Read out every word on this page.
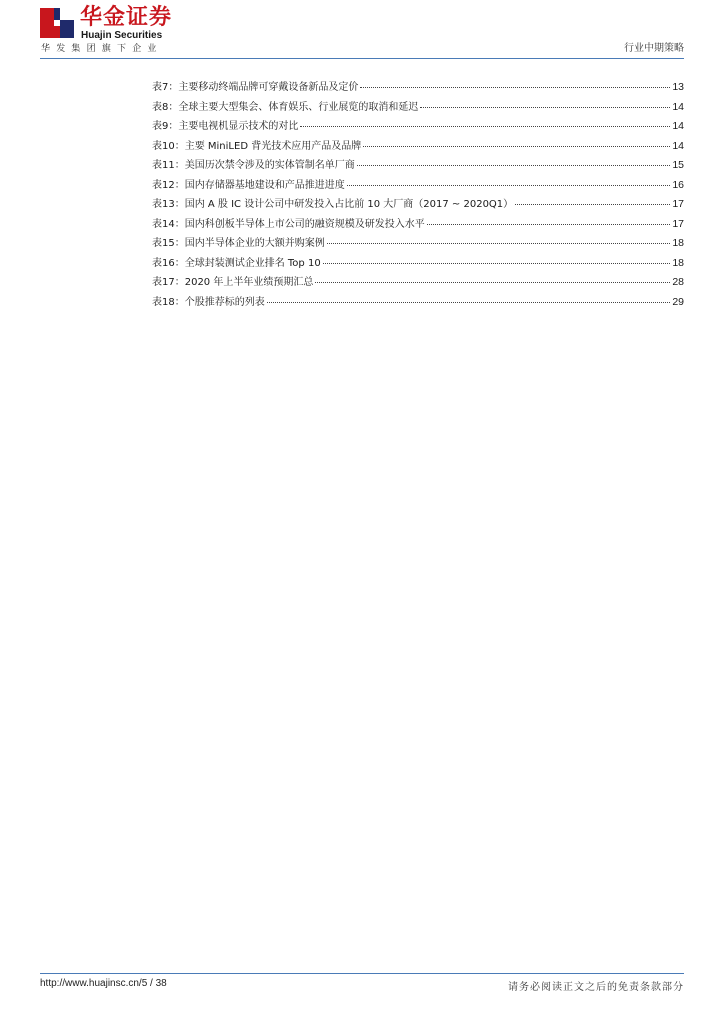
华金证券
Huajin Securities
华发集团旗下企业	行业中期策略
表7：主要移动终端品牌可穿戴设备新品及定价	13
表8：全球主要大型集会、体育娱乐、行业展览的取消和延迟	14
表9：主要电视机显示技术的对比	14
表10：主要 MiniLED 背光技术应用产品及品牌	14
表11：美国历次禁令涉及的实体管制名单厂商	15
表12：国内存储器基地建设和产品推进进度	16
表13：国内 A 股 IC 设计公司中研发投入占比前 10 大厂商（2017 ~ 2020Q1）	17
表14：国内科创板半导体上市公司的融资规模及研发投入水平	17
表15：国内半导体企业的大额并购案例	18
表16：全球封装测试企业排名 Top 10	18
表17：2020 年上半年业绩预期汇总	28
表18：个股推荐标的列表	29
http://www.huajinsc.cn/5 / 38	请务必阅读正文之后的免责条款部分
